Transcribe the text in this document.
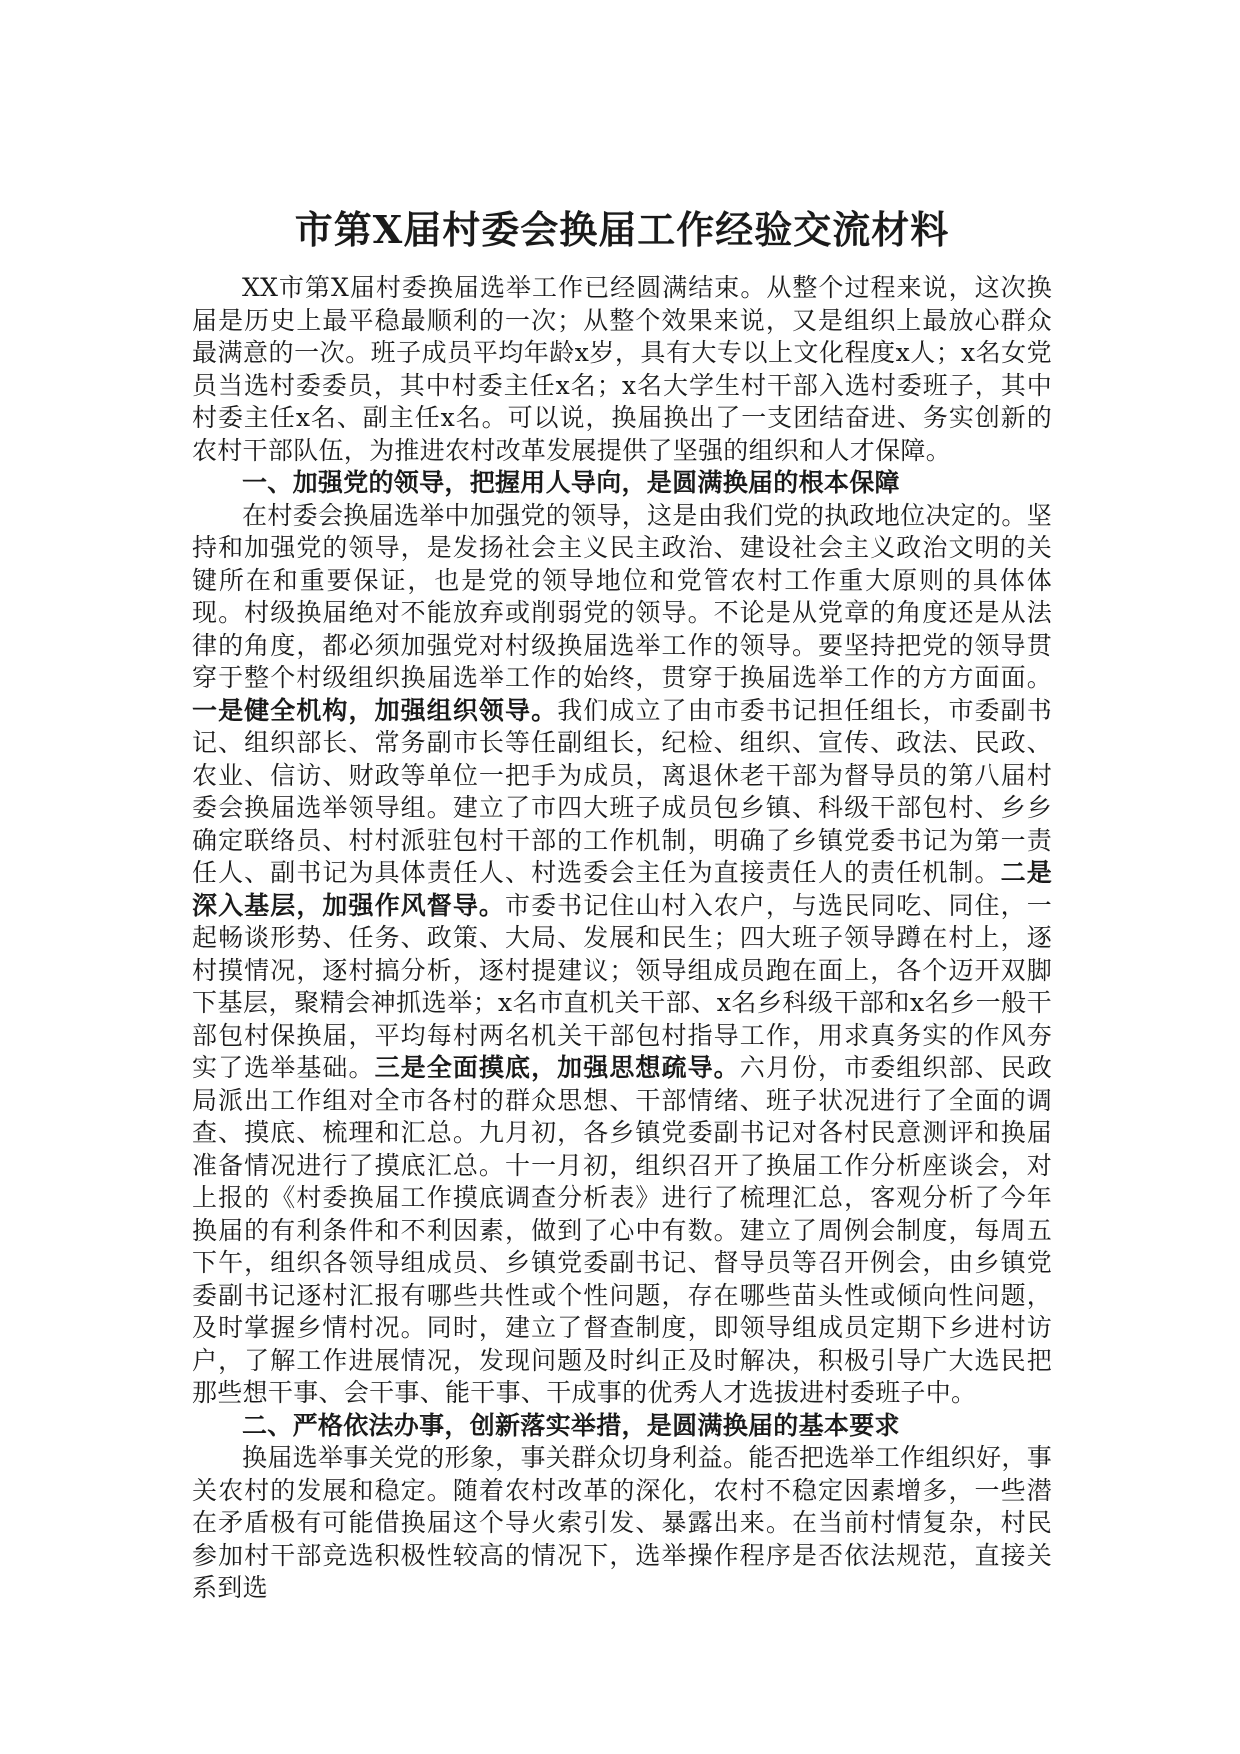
市第X届村委会换届工作经验交流材料

XX市第X届村委换届选举工作已经圆满结束。从整个过程来说，这次换届是历史上最平稳最顺利的一次；从整个效果来说，又是组织上最放心群众最满意的一次。班子成员平均年龄x岁，具有大专以上文化程度x人；x名女党员当选村委委员，其中村委主任x名；x名大学生村干部入选村委班子，其中村委主任x名、副主任x名。可以说，换届换出了一支团结奋进、务实创新的农村干部队伍，为推进农村改革发展提供了坚强的组织和人才保障。

一、加强党的领导，把握用人导向，是圆满换届的根本保障

在村委会换届选举中加强党的领导，这是由我们党的执政地位决定的。坚持和加强党的领导，是发扬社会主义民主政治、建设社会主义政治文明的关键所在和重要保证，也是党的领导地位和党管农村工作重大原则的具体体现。村级换届绝对不能放弃或削弱党的领导。不论是从党章的角度还是从法律的角度，都必须加强党对村级换届选举工作的领导。要坚持把党的领导贯穿于整个村级组织换届选举工作的始终，贯穿于换届选举工作的方方面面。一是健全机构，加强组织领导。我们成立了由市委书记担任组长，市委副书记、组织部长、常务副市长等任副组长，纪检、组织、宣传、政法、民政、农业、信访、财政等单位一把手为成员，离退休老干部为督导员的第八届村委会换届选举领导组。建立了市四大班子成员包乡镇、科级干部包村、乡乡确定联络员、村村派驻包村干部的工作机制，明确了乡镇党委书记为第一责任人、副书记为具体责任人、村选委会主任为直接责任人的责任机制。二是深入基层，加强作风督导。市委书记住山村入农户，与选民同吃、同住，一起畅谈形势、任务、政策、大局、发展和民生；四大班子领导蹲在村上，逐村摸情况，逐村搞分析，逐村提建议；领导组成员跑在面上，各个迈开双脚下基层，聚精会神抓选举；x名市直机关干部、x名乡科级干部和x名乡一般干部包村保换届，平均每村两名机关干部包村指导工作，用求真务实的作风夯实了选举基础。三是全面摸底，加强思想疏导。六月份，市委组织部、民政局派出工作组对全市各村的群众思想、干部情绪、班子状况进行了全面的调查、摸底、梳理和汇总。九月初，各乡镇党委副书记对各村民意测评和换届准备情况进行了摸底汇总。十一月初，组织召开了换届工作分析座谈会，对上报的《村委换届工作摸底调查分析表》进行了梳理汇总，客观分析了今年换届的有利条件和不利因素，做到了心中有数。建立了周例会制度，每周五下午，组织各领导组成员、乡镇党委副书记、督导员等召开例会，由乡镇党委副书记逐村汇报有哪些共性或个性问题，存在哪些苗头性或倾向性问题，及时掌握乡情村况。同时，建立了督查制度，即领导组成员定期下乡进村访户，了解工作进展情况，发现问题及时纠正及时解决，积极引导广大选民把那些想干事、会干事、能干事、干成事的优秀人才选拔进村委班子中。

二、严格依法办事，创新落实举措，是圆满换届的基本要求

换届选举事关党的形象，事关群众切身利益。能否把选举工作组织好，事关农村的发展和稳定。随着农村改革的深化，农村不稳定因素增多，一些潜在矛盾极有可能借换届这个导火索引发、暴露出来。在当前村情复杂，村民参加村干部竞选积极性较高的情况下，选举操作程序是否依法规范，直接关系到选
